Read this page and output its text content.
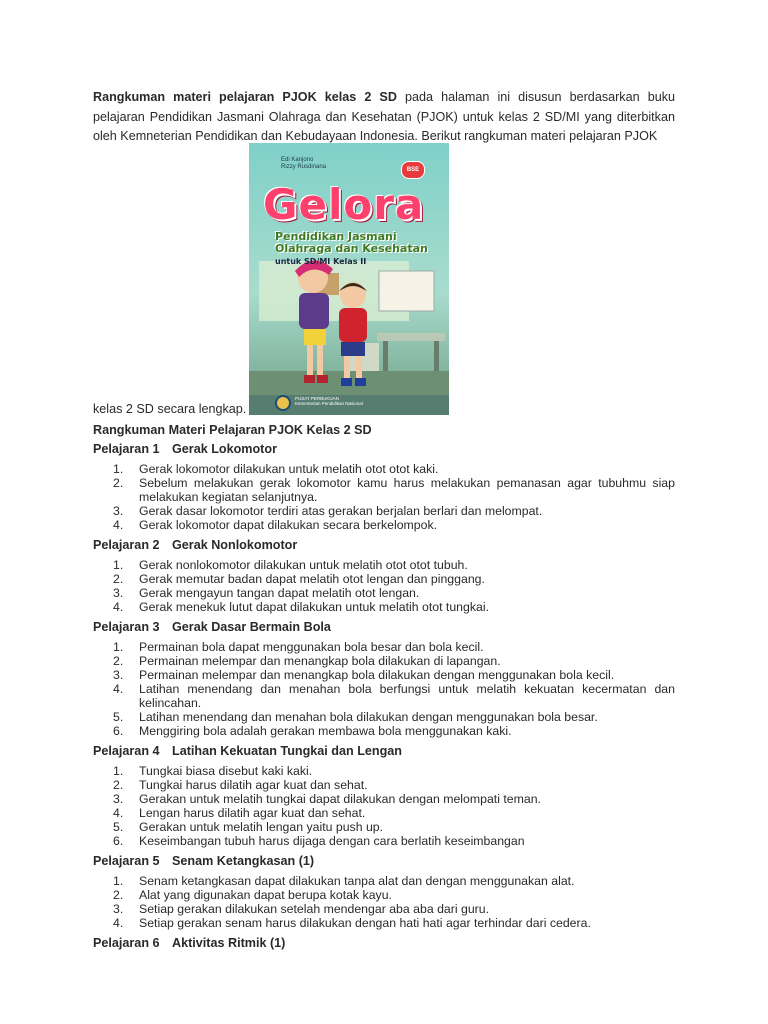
Rangkuman materi pelajaran PJOK kelas 2 SD pada halaman ini disusun berdasarkan buku pelajaran Pendidikan Jasmani Olahraga dan Kesehatan (PJOK) untuk kelas 2 SD/MI yang diterbitkan oleh Kemneterian Pendidikan dan Kebudayaan Indonesia. Berikut rangkuman materi pelajaran PJOK

Edi Kanjono
Rizzy Rusdinana	BSE
Gelora
Pendidikan Jasmani
Olahraga dan Kesehatan
untuk SD/MI Kelas II
PUSAT PERBUKUAN
Kementerian Pendidikan Nasional

kelas 2 SD secara lengkap.

Rangkuman Materi Pelajaran PJOK Kelas 2 SD

Pelajaran 1 Gerak Lokomotor

1. Gerak lokomotor dilakukan untuk melatih otot otot kaki.
2. Sebelum melakukan gerak lokomotor kamu harus melakukan pemanasan agar tubuhmu siap melakukan kegiatan selanjutnya.
3. Gerak dasar lokomotor terdiri atas gerakan berjalan berlari dan melompat.
4. Gerak lokomotor dapat dilakukan secara berkelompok.

Pelajaran 2 Gerak Nonlokomotor

1. Gerak nonlokomotor dilakukan untuk melatih otot otot tubuh.
2. Gerak memutar badan dapat melatih otot lengan dan pinggang.
3. Gerak mengayun tangan dapat melatih otot lengan.
4. Gerak menekuk lutut dapat dilakukan untuk melatih otot tungkai.

Pelajaran 3 Gerak Dasar Bermain Bola

1. Permainan bola dapat menggunakan bola besar dan bola kecil.
2. Permainan melempar dan menangkap bola dilakukan di lapangan.
3. Permainan melempar dan menangkap bola dilakukan dengan menggunakan bola kecil.
4. Latihan menendang dan menahan bola berfungsi untuk melatih kekuatan kecermatan dan kelincahan.
5. Latihan menendang dan menahan bola dilakukan dengan menggunakan bola besar.
6. Menggiring bola adalah gerakan membawa bola menggunakan kaki.

Pelajaran 4 Latihan Kekuatan Tungkai dan Lengan

1. Tungkai biasa disebut kaki kaki.
2. Tungkai harus dilatih agar kuat dan sehat.
3. Gerakan untuk melatih tungkai dapat dilakukan dengan melompati teman.
4. Lengan harus dilatih agar kuat dan sehat.
5. Gerakan untuk melatih lengan yaitu push up.
6. Keseimbangan tubuh harus dijaga dengan cara berlatih keseimbangan

Pelajaran 5 Senam Ketangkasan (1)

1. Senam ketangkasan dapat dilakukan tanpa alat dan dengan menggunakan alat.
2. Alat yang digunakan dapat berupa kotak kayu.
3. Setiap gerakan dilakukan setelah mendengar aba aba dari guru.
4. Setiap gerakan senam harus dilakukan dengan hati hati agar terhindar dari cedera.

Pelajaran 6 Aktivitas Ritmik (1)
